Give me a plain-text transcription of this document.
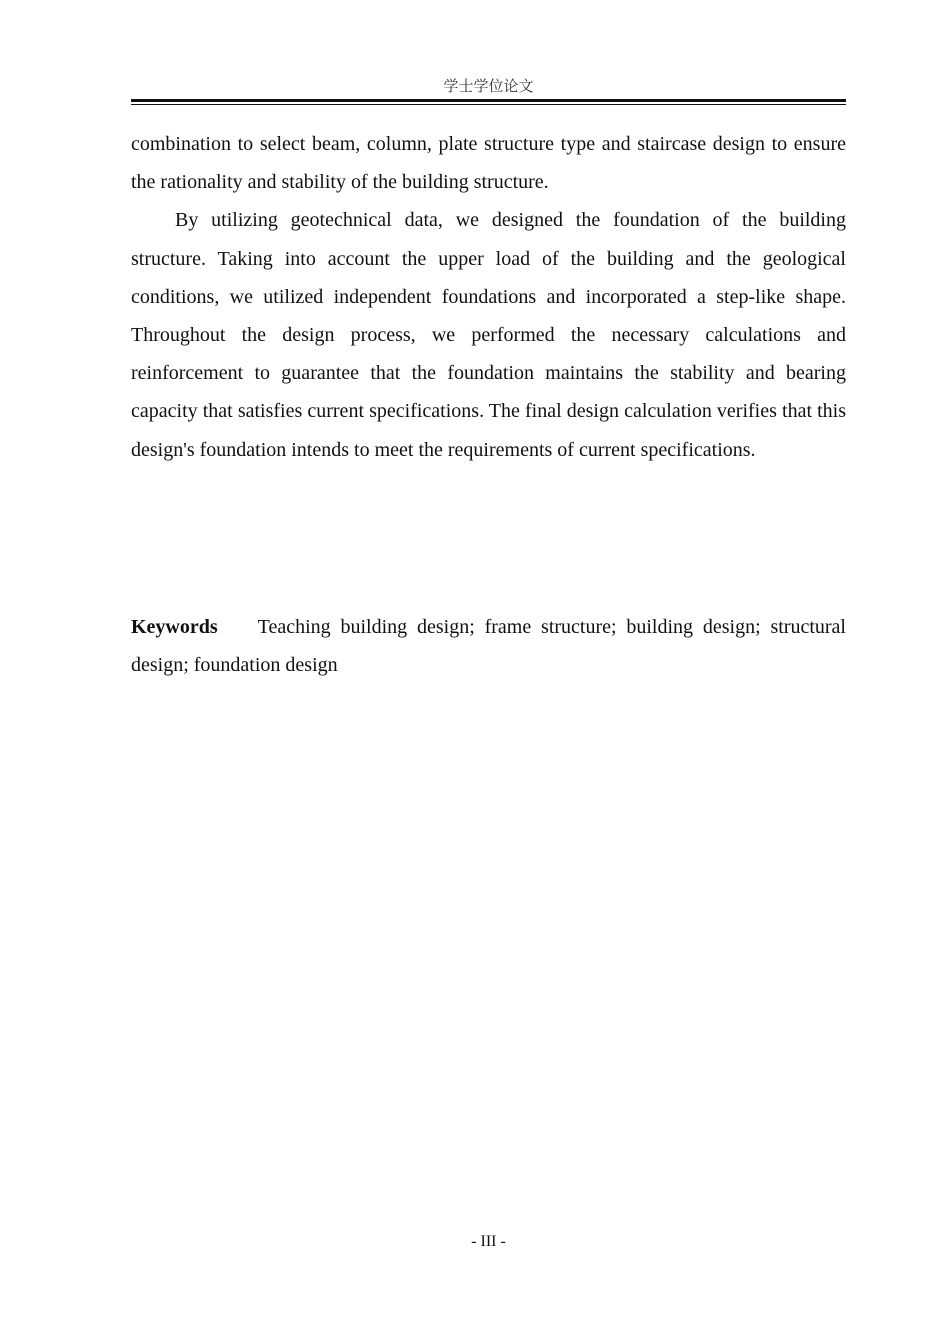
学士学位论文

combination to select beam, column, plate structure type and staircase design to ensure the rationality and stability of the building structure.

By utilizing geotechnical data, we designed the foundation of the building structure. Taking into account the upper load of the building and the geological conditions, we utilized independent foundations and incorporated a step-like shape. Throughout the design process, we performed the necessary calculations and reinforcement to guarantee that the foundation maintains the stability and bearing capacity that satisfies current specifications. The final design calculation verifies that this design's foundation intends to meet the requirements of current specifications.

Keywords Teaching building design; frame structure; building design; structural design; foundation design

- III -
